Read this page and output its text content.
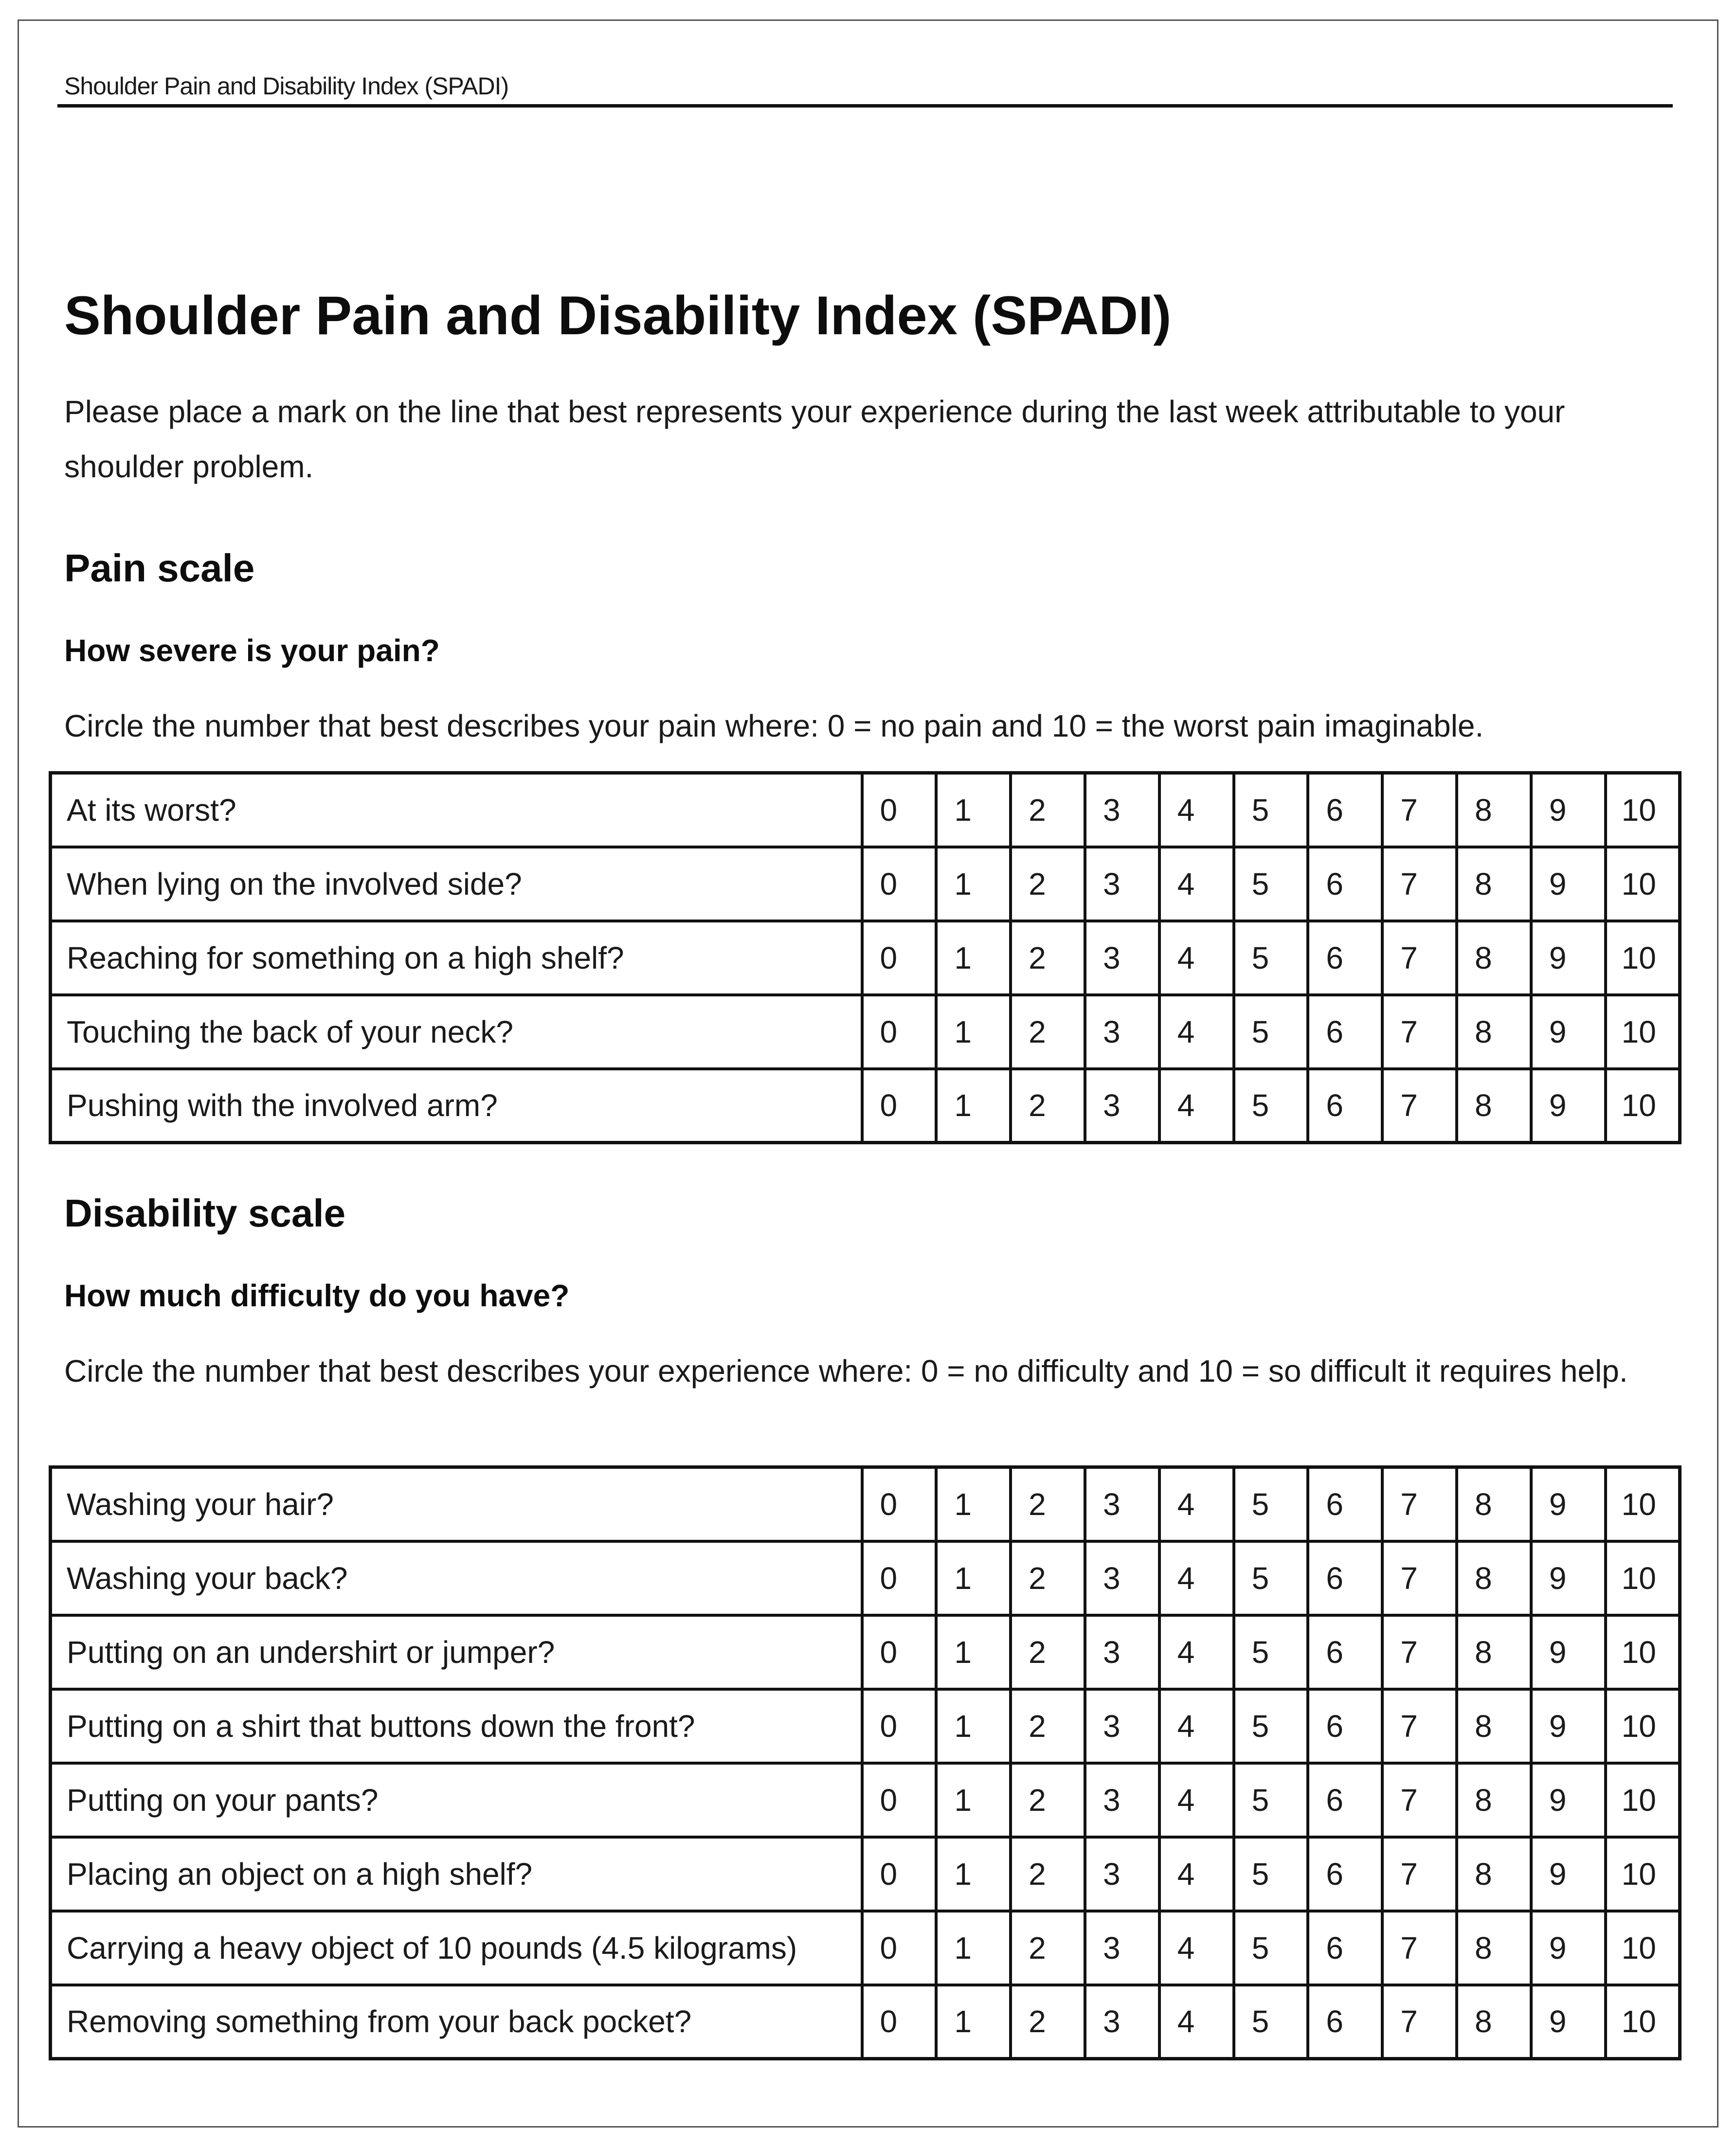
Shoulder Pain and Disability Index (SPADI)
Shoulder Pain and Disability Index (SPADI)

Please place a mark on the line that best represents your experience during the last week attributable to your shoulder problem.

Pain scale
How severe is your pain?

Circle the number that best describes your pain where: 0 = no pain and 10 = the worst pain imaginable.

At its worst?	0	1	2	3	4	5	6	7	8	9	10
When lying on the involved side?	0	1	2	3	4	5	6	7	8	9	10
Reaching for something on a high shelf?	0	1	2	3	4	5	6	7	8	9	10
Touching the back of your neck?	0	1	2	3	4	5	6	7	8	9	10
Pushing with the involved arm?	0	1	2	3	4	5	6	7	8	9	10
Disability scale
How much difficulty do you have?

Circle the number that best describes your experience where: 0 = no difficulty and 10 = so difficult it requires help.

Washing your hair?	0	1	2	3	4	5	6	7	8	9	10
Washing your back?	0	1	2	3	4	5	6	7	8	9	10
Putting on an undershirt or jumper?	0	1	2	3	4	5	6	7	8	9	10
Putting on a shirt that buttons down the front?	0	1	2	3	4	5	6	7	8	9	10
Putting on your pants?	0	1	2	3	4	5	6	7	8	9	10
Placing an object on a high shelf?	0	1	2	3	4	5	6	7	8	9	10
Carrying a heavy object of 10 pounds (4.5 kilograms)	0	1	2	3	4	5	6	7	8	9	10
Removing something from your back pocket?	0	1	2	3	4	5	6	7	8	9	10
